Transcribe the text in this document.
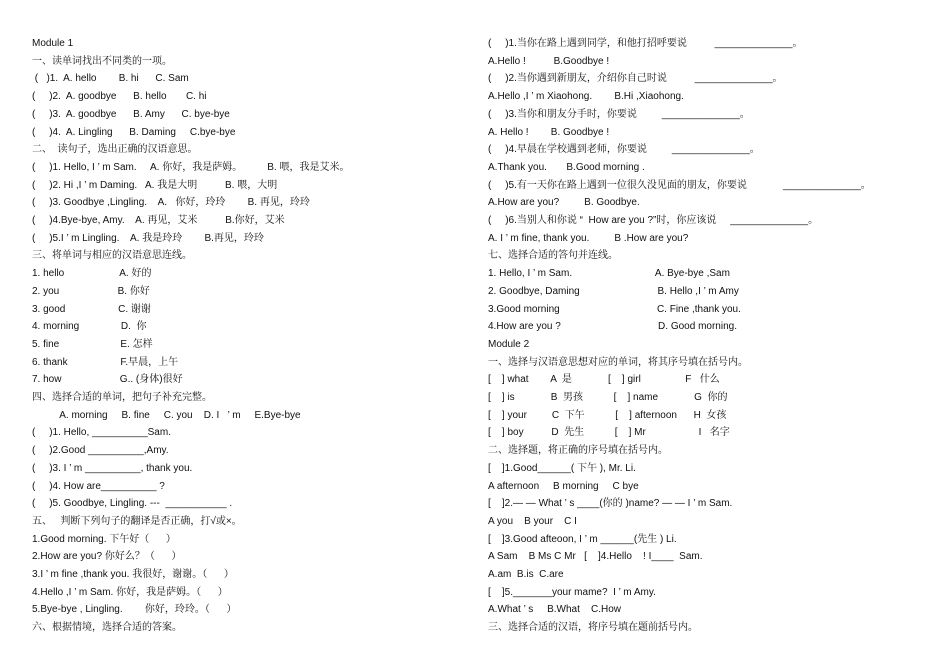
Module 1
一、读单词找出不同类的一项。
(   )1.  A. hello        B. hi      C. Sam
(     )2.  A. goodbye      B. hello       C. hi
(     )3.  A. goodbye      B. Amy      C. bye-bye
(     )4.  A. Lingling      B. Daming     C.bye-bye
二、  读句子，选出正确的汉语意思。
(     )1. Hello, I ’ m Sam.     A. 你好，我是萨姆。         B. 喂，我是艾米。
(     )2. Hi ,I ’ m Daming.   A. 我是大明          B. 喂，大明
(     )3. Goodbye ,Lingling.    A.   你好，玲玲        B. 再见，玲玲
(     )4.Bye-bye, Amy.    A. 再见，艾米          B.你好，艾米
(     )5.I ’ m Lingling.    A. 我是玲玲        B.再见，玲玲
三、将单词与相应的汉语意思连线。
1. hello                    A. 好的
2. you                     B. 你好
3. good                   C. 谢谢
4. morning               D.  你
5. fine                      E. 怎样
6. thank                   F.早晨，上午
7. how                     G.. (身体)很好
四、选择合适的单词，把句子补充完整。
A. morning     B. fine     C. you    D. I   ’ m     E.Bye-bye
(     )1. Hello, __________Sam.
(     )2.Good __________,Amy.
(     )3. I ’ m __________, thank you.
(     )4. How are__________ ?
(     )5. Goodbye, Lingling. ---  ___________ .
五、   判断下列句子的翻译是否正确，打√或×。
1.Good morning. 下午好（      ）
2.How are you? 你好么？（      ）
3.I ’ m fine ,thank you. 我很好，谢谢。（      ）
4.Hello ,I ’ m Sam. 你好，我是萨姆。（      ）
5.Bye-bye , Lingling.        你好，玲玲。（      ）
六、根据情境，选择合适的答案。
(     )1.当你在路上遇到同学，和他打招呼要说          ______________。
A.Hello !          B.Goodbye !
(     )2.当你遇到新朋友，介绍你自己时说          ______________。
A.Hello ,I ’ m Xiaohong.        B.Hi ,Xiaohong.
(     )3.当你和朋友分手时，你要说         ______________。
A. Hello !        B. Goodbye !
(     )4.早晨在学校遇到老师，你要说         ______________。
A.Thank you.       B.Good morning .
(     )5.有一天你在路上遇到一位很久没见面的朋友，你要说             ______________。
A.How are you?         B. Goodbye.
(     )6.当别人和你说 “  How are you ?”时，你应该说     ______________。
A. I ’ m fine, thank you.         B .How are you?
七、选择合适的答句并连线。
1. Hello, I ’ m Sam.                              A. Bye-bye ,Sam
2. Goodbye, Daming                            B. Hello ,I ’ m Amy
3.Good morning                                   C. Fine ,thank you.
4.How are you ?                                   D. Good morning.
Module 2
一、选择与汉语意思想对应的单词，将其序号填在括号内。
[    ] what        A  是             [    ] girl                F   什么
[    ] is             B  男孩           [    ] name             G  你的
[    ] your         C  下午           [    ] afternoon      H  女孩
[    ] boy          D  先生           [    ] Mr                   I   名字
二、选择题，将正确的序号填在括号内。
[    ]1.Good______( 下午 ), Mr. Li.
A afternoon     B morning     C bye
[    ]2.— — What ’ s ____(你的 )name? — — I ’ m Sam.
A you    B your    C I
[    ]3.Good afteoon, I ’ m ______(先生 ) Li.
A Sam    B Ms C Mr   [    ]4.Hello    ! I____  Sam.
A.am  B.is  C.are
[    ]5._______your mame?  I ’ m Amy.
A.What ’ s     B.What    C.How
三、选择合适的汉语，将序号填在题前括号内。
